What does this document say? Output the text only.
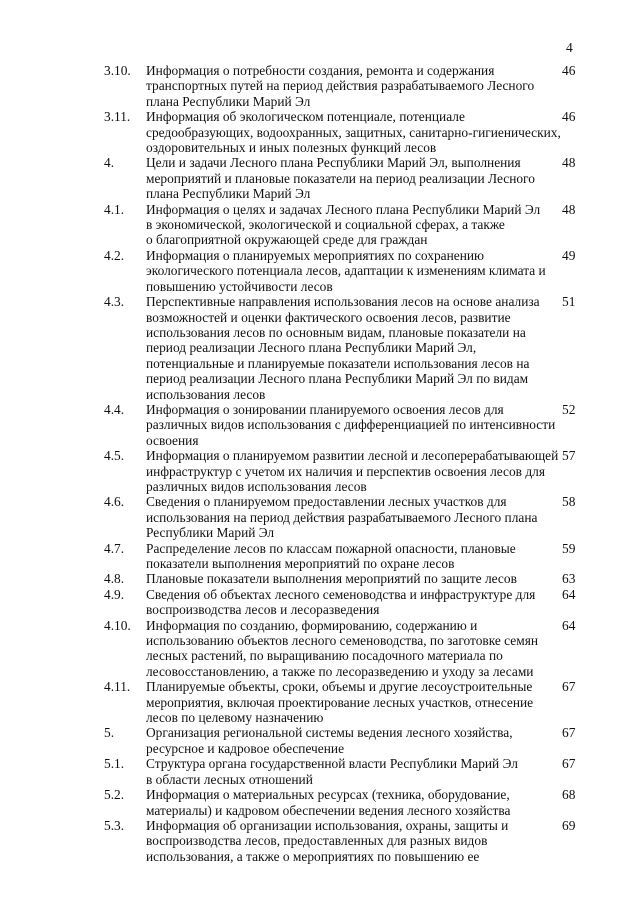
4
3.10. Информация о потребности создания, ремонта и содержания
транспортных путей на период действия разрабатываемого Лесного
плана Республики Марий Эл
46
3.11. Информация об экологическом потенциале, потенциале
средообразующих, водоохранных, защитных, санитарно-гигиенических,
оздоровительных и иных полезных функций лесов
46
4. Цели и задачи Лесного плана Республики Марий Эл, выполнения
мероприятий и плановые показатели на период реализации Лесного
плана Республики Марий Эл
48
4.1. Информация о целях и задачах Лесного плана Республики Марий Эл
в экономической, экологической и социальной сферах, а также
о благоприятной окружающей среде для граждан
48
4.2. Информация о планируемых мероприятиях по сохранению
экологического потенциала лесов, адаптации к изменениям климата и
повышению устойчивости лесов
49
4.3. Перспективные направления использования лесов на основе анализа
возможностей и оценки фактического освоения лесов, развитие
использования лесов по основным видам, плановые показатели на
период реализации Лесного плана Республики Марий Эл,
потенциальные и планируемые показатели использования лесов на
период реализации Лесного плана Республики Марий Эл по видам
использования лесов
51
4.4. Информация о зонировании планируемого освоения лесов для
различных видов использования с дифференциацией по интенсивности
освоения
52
4.5. Информация о планируемом развитии лесной и лесоперерабатывающей
инфраструктур с учетом их наличия и перспектив освоения лесов для
различных видов использования лесов
57
4.6. Сведения о планируемом предоставлении лесных участков для
использования на период действия разрабатываемого Лесного плана
Республики Марий Эл
58
4.7. Распределение лесов по классам пожарной опасности, плановые
показатели выполнения мероприятий по охране лесов
59
4.8. Плановые показатели выполнения мероприятий по защите лесов	63
4.9. Сведения об объектах лесного семеноводства и инфраструктуре для
воспроизводства лесов и лесоразведения
64
4.10. Информация по созданию, формированию, содержанию и
использованию объектов лесного семеноводства, по заготовке семян
лесных растений, по выращиванию посадочного материала по
лесовосстановлению, а также по лесоразведению и уходу за лесами
64
4.11. Планируемые объекты, сроки, объемы и другие лесоустроительные
мероприятия, включая проектирование лесных участков, отнесение
лесов по целевому назначению
67
5. Организация региональной системы ведения лесного хозяйства,
ресурсное и кадровое обеспечение
67
5.1. Структура органа государственной власти Республики Марий Эл
в области лесных отношений
67
5.2. Информация о материальных ресурсах (техника, оборудование,
материалы) и кадровом обеспечении ведения лесного хозяйства
68
5.3. Информация об организации использования, охраны, защиты и
воспроизводства лесов, предоставленных для разных видов
использования, а также о мероприятиях по повышению ее
69
